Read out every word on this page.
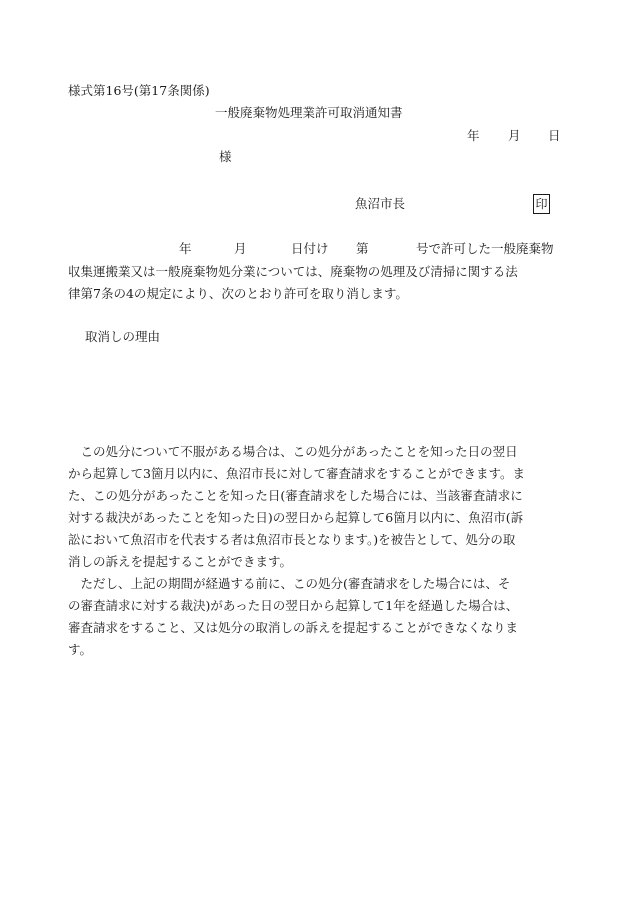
様式第16号(第17条関係)
一般廃棄物処理業許可取消通知書
年 月 日
様
魚沼市長	印
年	月	日付け 第	号で許可した一般廃棄物
収集運搬業又は一般廃棄物処分業については、廃棄物の処理及び清掃に関する法
律第7条の4の規定により、次のとおり許可を取り消します。
取消しの理由
　この処分について不服がある場合は、この処分があったことを知った日の翌日
から起算して3箇月以内に、魚沼市長に対して審査請求をすることができます。ま
た、この処分があったことを知った日(審査請求をした場合には、当該審査請求に
対する裁決があったことを知った日)の翌日から起算して6箇月以内に、魚沼市(訴
訟において魚沼市を代表する者は魚沼市長となります。)を被告として、処分の取
消しの訴えを提起することができます。
　ただし、上記の期間が経過する前に、この処分(審査請求をした場合には、そ
の審査請求に対する裁決)があった日の翌日から起算して1年を経過した場合は、
審査請求をすること、又は処分の取消しの訴えを提起することができなくなりま
す。
